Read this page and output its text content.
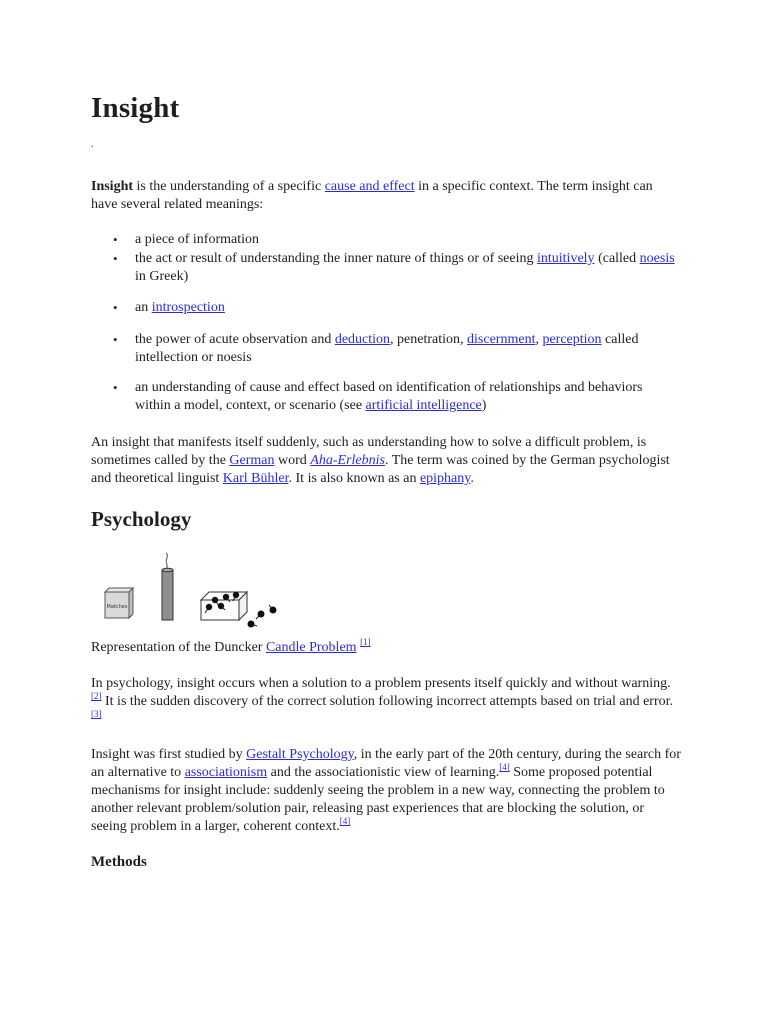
Insight
.

Insight is the understanding of a specific cause and effect in a specific context. The term insight can have several related meanings:

• a piece of information
• the act or result of understanding the inner nature of things or of seeing intuitively (called noesis in Greek)
• an introspection
• the power of acute observation and deduction, penetration, discernment, perception called intellection or noesis
• an understanding of cause and effect based on identification of relationships and behaviors within a model, context, or scenario (see artificial intelligence)

An insight that manifests itself suddenly, such as understanding how to solve a difficult problem, is sometimes called by the German word Aha-Erlebnis. The term was coined by the German psychologist and theoretical linguist Karl Bühler. It is also known as an epiphany.

Psychology
Matches

Representation of the Duncker Candle Problem [1]

In psychology, insight occurs when a solution to a problem presents itself quickly and without warning.[2] It is the sudden discovery of the correct solution following incorrect attempts based on trial and error.[3]

Insight was first studied by Gestalt Psychology, in the early part of the 20th century, during the search for an alternative to associationism and the associationistic view of learning.[4] Some proposed potential mechanisms for insight include: suddenly seeing the problem in a new way, connecting the problem to another relevant problem/solution pair, releasing past experiences that are blocking the solution, or seeing problem in a larger, coherent context.[4]

Methods
